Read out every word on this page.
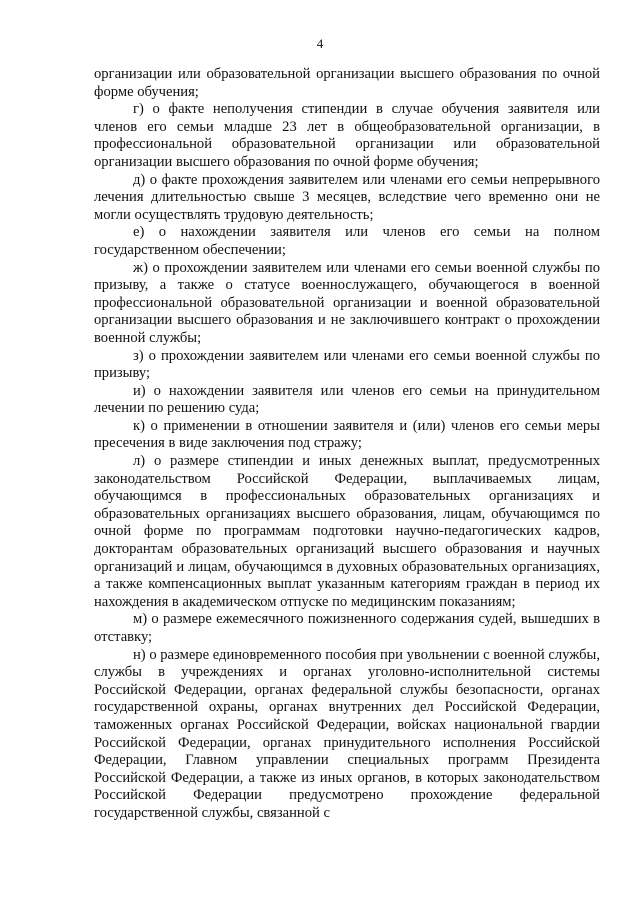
4

организации или образовательной организации высшего образования по очной форме обучения;

г) о факте неполучения стипендии в случае обучения заявителя или членов его семьи младше 23 лет в общеобразовательной организации, в профессиональной образовательной организации или образовательной организации высшего образования по очной форме обучения;

д) о факте прохождения заявителем или членами его семьи непрерывного лечения длительностью свыше 3 месяцев, вследствие чего временно они не могли осуществлять трудовую деятельность;

е) о нахождении заявителя или членов его семьи на полном государственном обеспечении;

ж) о прохождении заявителем или членами его семьи военной службы по призыву, а также о статусе военнослужащего, обучающегося в военной профессиональной образовательной организации и военной образовательной организации высшего образования и не заключившего контракт о прохождении военной службы;

з) о прохождении заявителем или членами его семьи военной службы по призыву;

и) о нахождении заявителя или членов его семьи на принудительном лечении по решению суда;

к) о применении в отношении заявителя и (или) членов его семьи меры пресечения в виде заключения под стражу;

л) о размере стипендии и иных денежных выплат, предусмотренных законодательством Российской Федерации, выплачиваемых лицам, обучающимся в профессиональных образовательных организациях и образовательных организациях высшего образования, лицам, обучающимся по очной форме по программам подготовки научно-педагогических кадров, докторантам образовательных организаций высшего образования и научных организаций и лицам, обучающимся в духовных образовательных организациях, а также компенсационных выплат указанным категориям граждан в период их нахождения в академическом отпуске по медицинским показаниям;

м) о размере ежемесячного пожизненного содержания судей, вышедших в отставку;

н) о размере единовременного пособия при увольнении с военной службы, службы в учреждениях и органах уголовно-исполнительной системы Российской Федерации, органах федеральной службы безопасности, органах государственной охраны, органах внутренних дел Российской Федерации, таможенных органах Российской Федерации, войсках национальной гвардии Российской Федерации, органах принудительного исполнения Российской Федерации, Главном управлении специальных программ Президента Российской Федерации, а также из иных органов, в которых законодательством Российской Федерации предусмотрено прохождение федеральной государственной службы, связанной с
